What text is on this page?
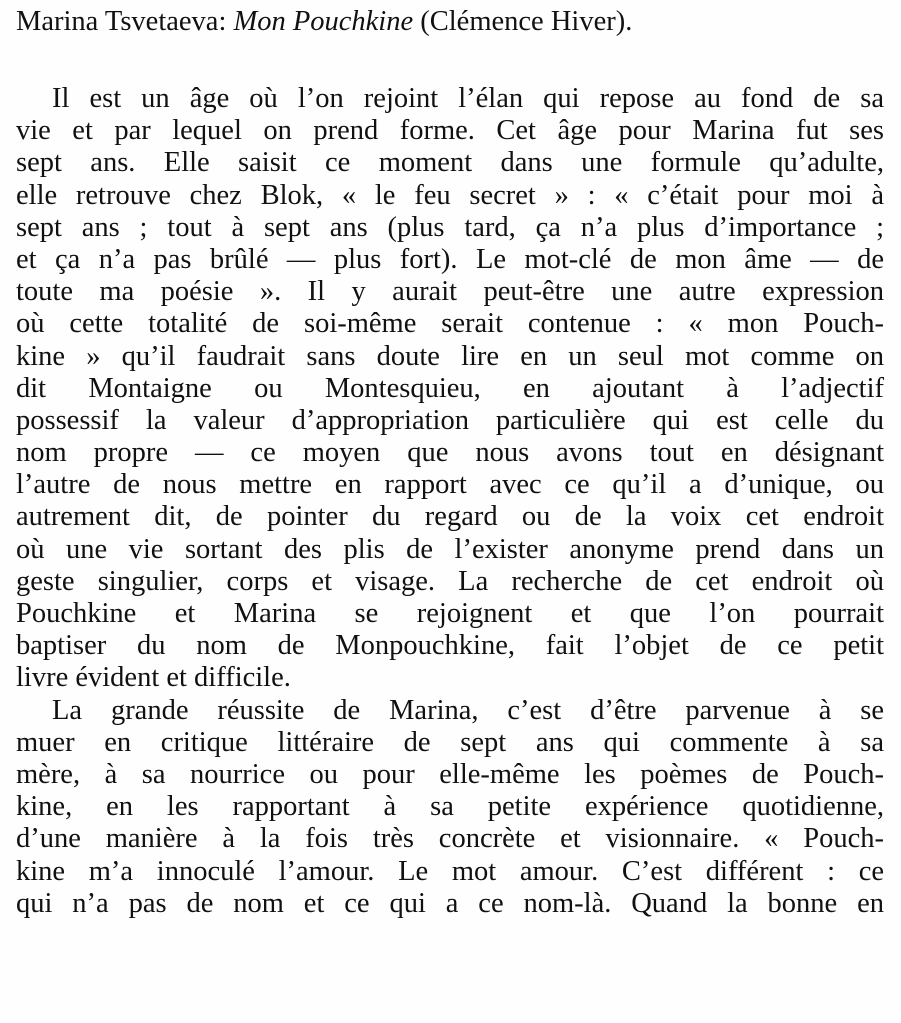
Marina Tsvetaeva: Mon Pouchkine (Clémence Hiver).
Il est un âge où l’on rejoint l’élan qui repose au fond de sa
vie et par lequel on prend forme. Cet âge pour Marina fut ses
sept ans. Elle saisit ce moment dans une formule qu’adulte,
elle retrouve chez Blok, « le feu secret » : « c’était pour moi à
sept ans ; tout à sept ans (plus tard, ça n’a plus d’importance ;
et ça n’a pas brûlé — plus fort). Le mot-clé de mon âme — de
toute ma poésie ». Il y aurait peut-être une autre expression
où cette totalité de soi-même serait contenue : « mon Pouch-
kine » qu’il faudrait sans doute lire en un seul mot comme on
dit Montaigne ou Montesquieu, en ajoutant à l’adjectif
possessif la valeur d’appropriation particulière qui est celle du
nom propre — ce moyen que nous avons tout en désignant
l’autre de nous mettre en rapport avec ce qu’il a d’unique, ou
autrement dit, de pointer du regard ou de la voix cet endroit
où une vie sortant des plis de l’exister anonyme prend dans un
geste singulier, corps et visage. La recherche de cet endroit où
Pouchkine et Marina se rejoignent et que l’on pourrait
baptiser du nom de Monpouchkine, fait l’objet de ce petit
livre évident et difficile.
La grande réussite de Marina, c’est d’être parvenue à se
muer en critique littéraire de sept ans qui commente à sa
mère, à sa nourrice ou pour elle-même les poèmes de Pouch-
kine, en les rapportant à sa petite expérience quotidienne,
d’une manière à la fois très concrète et visionnaire. « Pouch-
kine m’a innoculé l’amour. Le mot amour. C’est différent : ce
qui n’a pas de nom et ce qui a ce nom-là. Quand la bonne en
